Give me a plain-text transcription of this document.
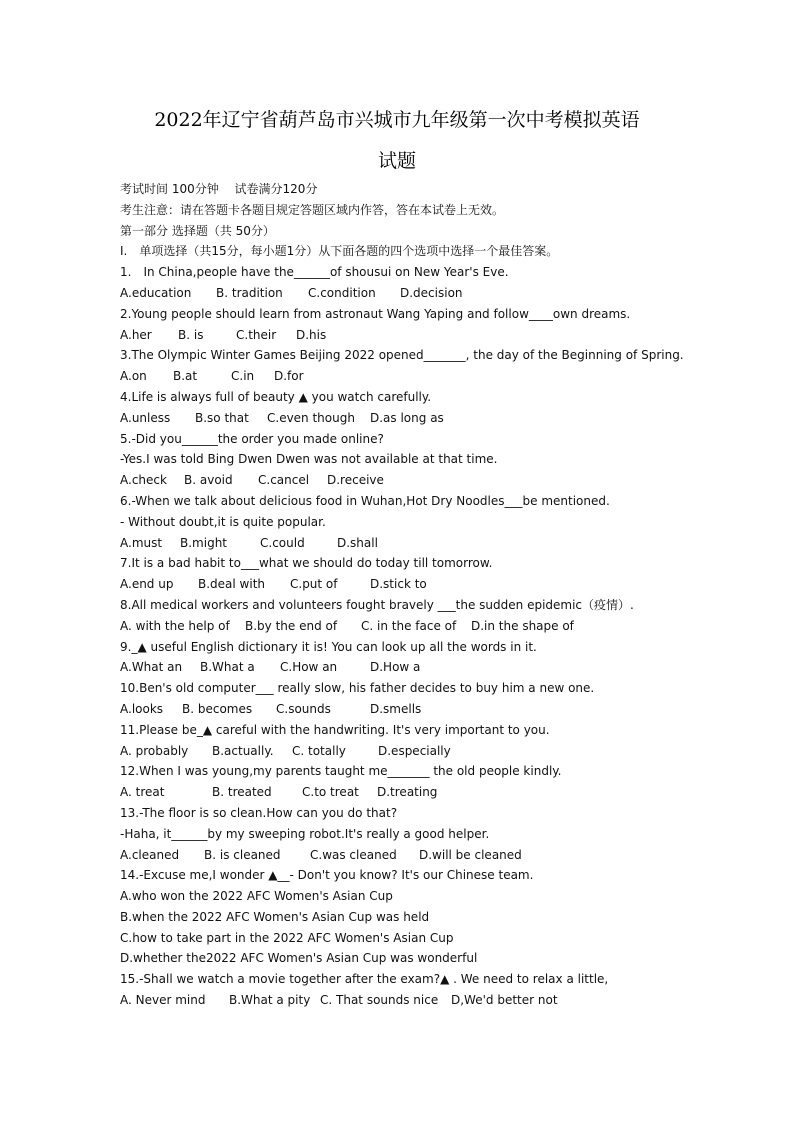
2022年辽宁省葫芦岛市兴城市九年级第一次中考模拟英语
试题
考试时间 100分钟　 试卷满分120分
考生注意：请在答题卡各题目规定答题区域内作答，答在本试卷上无效。
第一部分 选择题（共 50分）
I.　单项选择（共15分，每小题1分）从下面各题的四个选项中选择一个最佳答案。
1.　In China,people have the______of shousui on New Year's Eve.
A.education	B. tradition	C.condition	D.decision
2.Young people should learn from astronaut Wang Yaping and follow____own dreams.
A.her	B. is	C.their	D.his
3.The Olympic Winter Games Beijing 2022 opened_______, the day of the Beginning of Spring.
A.on	B.at	C.in	D.for
4.Life is always full of beauty ▲ you watch carefully.
A.unless	B.so that	C.even though	D.as long as
5.-Did you______the order you made online?
-Yes.I was told Bing Dwen Dwen was not available at that time.
A.check	B. avoid	C.cancel	D.receive
6.-When we talk about delicious food in Wuhan,Hot Dry Noodles___be mentioned.
- Without doubt,it is quite popular.
A.must	B.might	C.could	D.shall
7.It is a bad habit to___what we should do today till tomorrow.
A.end up	B.deal with	C.put of	D.stick to
8.All medical workers and volunteers fought bravely ___the sudden epidemic（疫情）.
A. with the help of	B.by the end of	C. in the face of	D.in the shape of
9._▲ useful English dictionary it is! You can look up all the words in it.
A.What an	B.What a	C.How an	D.How a
10.Ben's old computer___ really slow, his father decides to buy him a new one.
A.looks	B. becomes	C.sounds	D.smells
11.Please be_▲ careful with the handwriting. It's very important to you.
A. probably	B.actually.	C. totally	D.especially
12.When I was young,my parents taught me_______ the old people kindly.
A. treat	B. treated	C.to treat	D.treating
13.-The floor is so clean.How can you do that?
-Haha, it______by my sweeping robot.It's really a good helper.
A.cleaned	B. is cleaned	C.was cleaned	D.will be cleaned
14.-Excuse me,I wonder ▲__- Don't you know? It's our Chinese team.
A.who won the 2022 AFC Women's Asian Cup
B.when the 2022 AFC Women's Asian Cup was held
C.how to take part in the 2022 AFC Women's Asian Cup
D.whether the2022 AFC Women's Asian Cup was wonderful
15.-Shall we watch a movie together after the exam?▲ . We need to relax a little,
A. Never mind	B.What a pity C. That sounds nice	D,We'd better not
